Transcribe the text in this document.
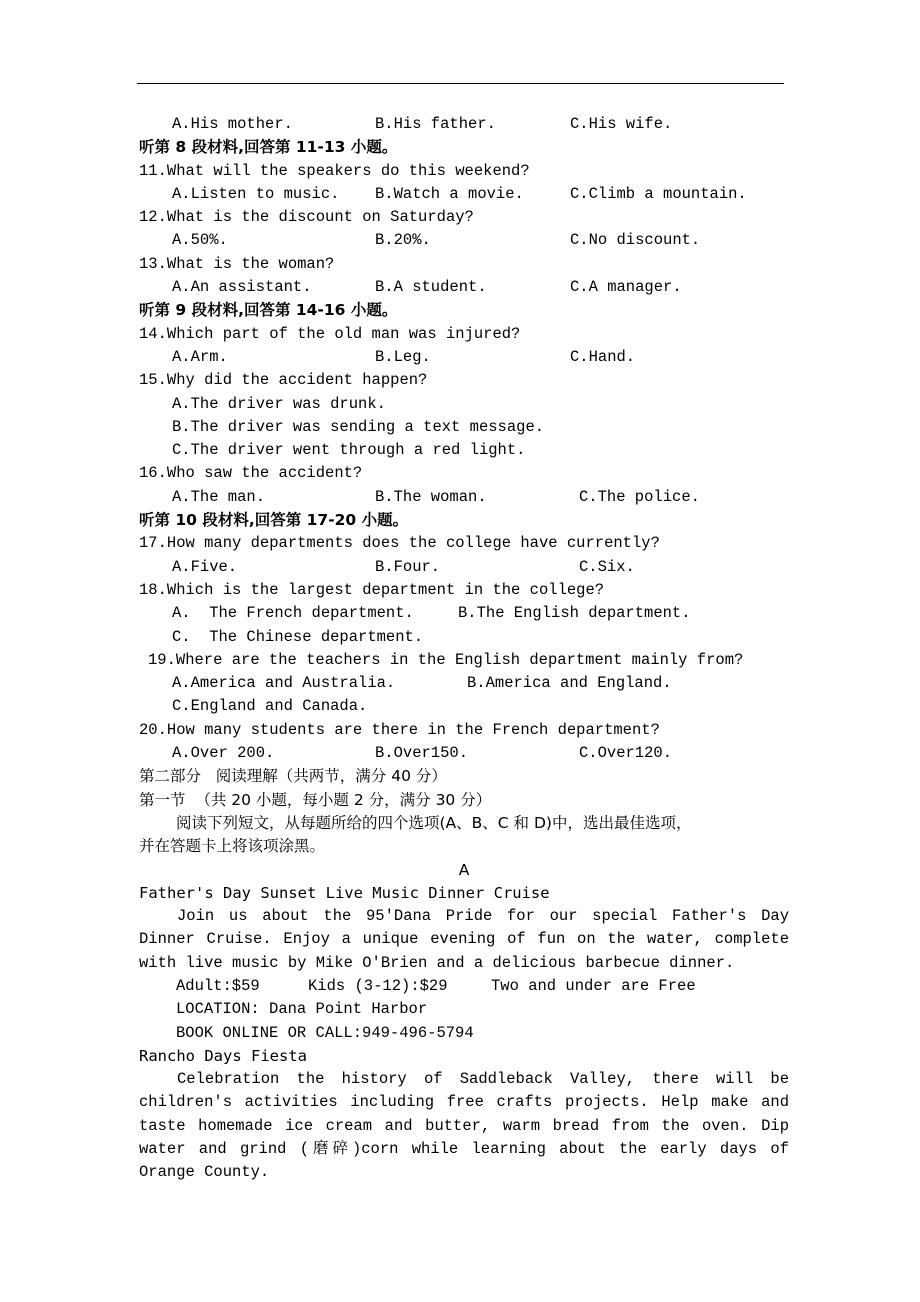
A.His mother.	B.His father.	C.His wife.
听第 8 段材料,回答第 11-13 小题。
11.What will the speakers do this weekend?
A.Listen to music. B.Watch a movie.	C.Climb a mountain.
12.What is the discount on Saturday?
A.50%.	B.20%.	C.No discount.
13.What is the woman?
A.An assistant.	B.A student.	C.A manager.
听第 9 段材料,回答第 14-16 小题。
14.Which part of the old man was injured?
A.Arm.	B.Leg.	C.Hand.
15.Why did the accident happen?
A.The driver was drunk.
B.The driver was sending a text message.
C.The driver went through a red light.
16.Who saw the accident?
A.The man.	B.The woman.	C.The police.
听第 10 段材料,回答第 17-20 小题。
17.How many departments does the college have currently?
A.Five.	B.Four.	C.Six.
18.Which is the largest department in the college?
A.  The French department.	B.The English department.
C.  The Chinese department.
19.Where are the teachers in the English department mainly from?
A.America and Australia.	B.America and England.
C.England and Canada.
20.How many students are there in the French department?
A.Over 200.	B.Over150.	C.Over120.
第二部分   阅读理解（共两节，满分 40 分）
第一节  （共 20 小题，每小题 2 分，满分 30 分）
阅读下列短文，从每题所给的四个选项(A、B、C 和 D)中，选出最佳选项，
并在答题卡上将该项涂黑。
A
Father's Day Sunset Live Music Dinner Cruise

Join us about the 95'Dana Pride for our special Father's Day Dinner Cruise. Enjoy a unique evening of fun on the water, complete with live music by Mike O'Brien and a delicious barbecue dinner.

Adult:$59	Kids (3-12):$29	Two and under are Free
LOCATION: Dana Point Harbor
BOOK ONLINE OR CALL:949-496-5794
Rancho Days Fiesta

Celebration the history of Saddleback Valley, there will be children's activities including free crafts projects. Help make and taste homemade ice cream and butter, warm bread from the oven. Dip water and grind (磨碎)corn while learning about the early days of Orange County.
